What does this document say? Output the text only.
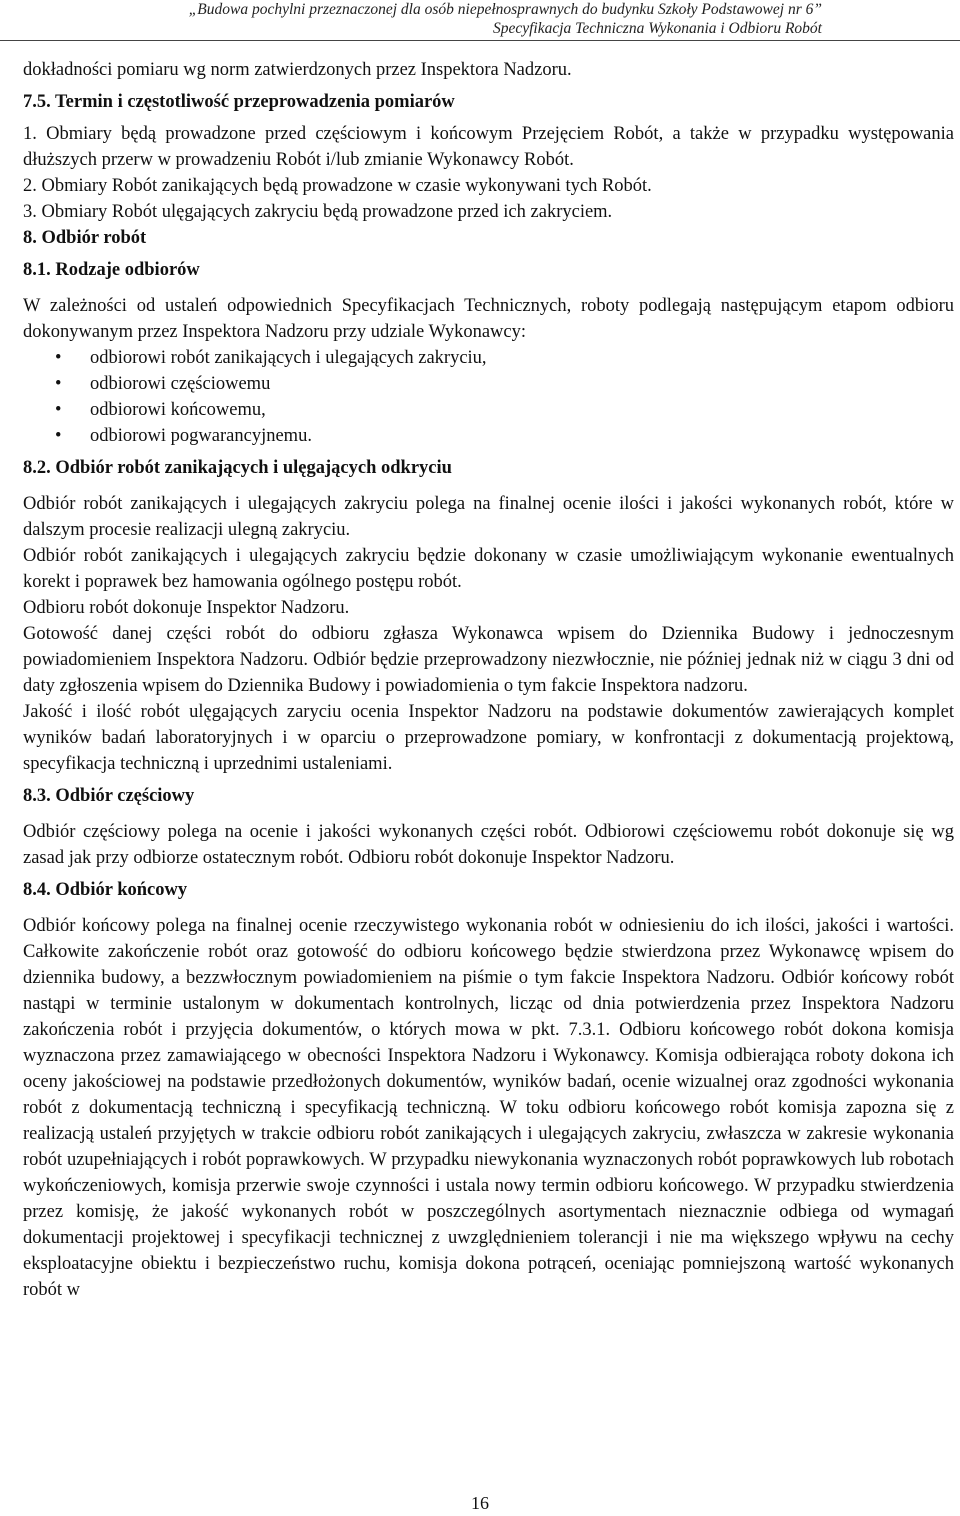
„Budowa pochylni przeznaczonej dla osób niepełnosprawnych do budynku Szkoły Podstawowej nr 6”
Specyfikacja Techniczna Wykonania i Odbioru Robót

dokładności pomiaru wg norm zatwierdzonych przez Inspektora Nadzoru.

7.5. Termin i częstotliwość przeprowadzenia pomiarów

1. Obmiary będą prowadzone przed częściowym i końcowym Przejęciem Robót, a także w przypadku występowania dłuższych przerw w prowadzeniu Robót i/lub zmianie Wykonawcy Robót.

2. Obmiary Robót zanikających będą prowadzone w czasie wykonywani tych Robót.

3. Obmiary Robót ulęgających zakryciu będą prowadzone przed ich zakryciem.

8. Odbiór robót

8.1. Rodzaje odbiorów

W zależności od ustaleń odpowiednich Specyfikacjach Technicznych, roboty podlegają następującym etapom odbioru dokonywanym przez Inspektora Nadzoru przy udziale Wykonawcy:

• odbiorowi robót zanikających i ulegających zakryciu,
• odbiorowi częściowemu
• odbiorowi końcowemu,
• odbiorowi pogwarancyjnemu.

8.2. Odbiór robót zanikających i ulęgających odkryciu

Odbiór robót zanikających i ulegających zakryciu polega na finalnej ocenie ilości i jakości wykonanych robót, które w dalszym procesie realizacji ulegną zakryciu.

Odbiór robót zanikających i ulegających zakryciu będzie dokonany w czasie umożliwiającym wykonanie ewentualnych korekt i poprawek bez hamowania ogólnego postępu robót.

Odbioru robót dokonuje Inspektor Nadzoru.

Gotowość danej części robót do odbioru zgłasza Wykonawca wpisem do Dziennika Budowy i jednoczesnym powiadomieniem Inspektora Nadzoru. Odbiór będzie przeprowadzony niezwłocznie, nie później jednak niż w ciągu 3 dni od daty zgłoszenia wpisem do Dziennika Budowy i powiadomienia o tym fakcie Inspektora nadzoru.

Jakość i ilość robót ulęgających zaryciu ocenia Inspektor Nadzoru na podstawie dokumentów zawierających komplet wyników badań laboratoryjnych i w oparciu o przeprowadzone pomiary, w konfrontacji z dokumentacją projektową, specyfikacja techniczną i uprzednimi ustaleniami.

8.3. Odbiór częściowy

Odbiór częściowy polega na ocenie i jakości wykonanych części robót. Odbiorowi częściowemu robót dokonuje się wg zasad jak przy odbiorze ostatecznym robót. Odbioru robót dokonuje Inspektor Nadzoru.

8.4. Odbiór końcowy

Odbiór końcowy polega na finalnej ocenie rzeczywistego wykonania robót w odniesieniu do ich ilości, jakości i wartości. Całkowite zakończenie robót oraz gotowość do odbioru końcowego będzie stwierdzona przez Wykonawcę wpisem do dziennika budowy, a bezzwłocznym powiadomieniem na piśmie o tym fakcie Inspektora Nadzoru. Odbiór końcowy robót nastąpi w terminie ustalonym w dokumentach kontrolnych, licząc od dnia potwierdzenia przez Inspektora Nadzoru zakończenia robót i przyjęcia dokumentów, o których mowa w pkt. 7.3.1. Odbioru końcowego robót dokona komisja wyznaczona przez zamawiającego w obecności Inspektora Nadzoru i Wykonawcy. Komisja odbierająca roboty dokona ich oceny jakościowej na podstawie przedłożonych dokumentów, wyników badań, ocenie wizualnej oraz zgodności wykonania robót z dokumentacją techniczną i specyfikacją techniczną. W toku odbioru końcowego robót komisja zapozna się z realizacją ustaleń przyjętych w trakcie odbioru robót zanikających i ulegających zakryciu, zwłaszcza w zakresie wykonania robót uzupełniających i robót poprawkowych. W przypadku niewykonania wyznaczonych robót poprawkowych lub robotach wykończeniowych, komisja przerwie swoje czynności i ustala nowy termin odbioru końcowego. W przypadku stwierdzenia przez komisję, że jakość wykonanych robót w poszczególnych asortymentach nieznacznie odbiega od wymagań dokumentacji projektowej i specyfikacji technicznej z uwzględnieniem tolerancji i nie ma większego wpływu na cechy eksploatacyjne obiektu i bezpieczeństwo ruchu, komisja dokona potrąceń, oceniając pomniejszoną wartość wykonanych robót w

16
